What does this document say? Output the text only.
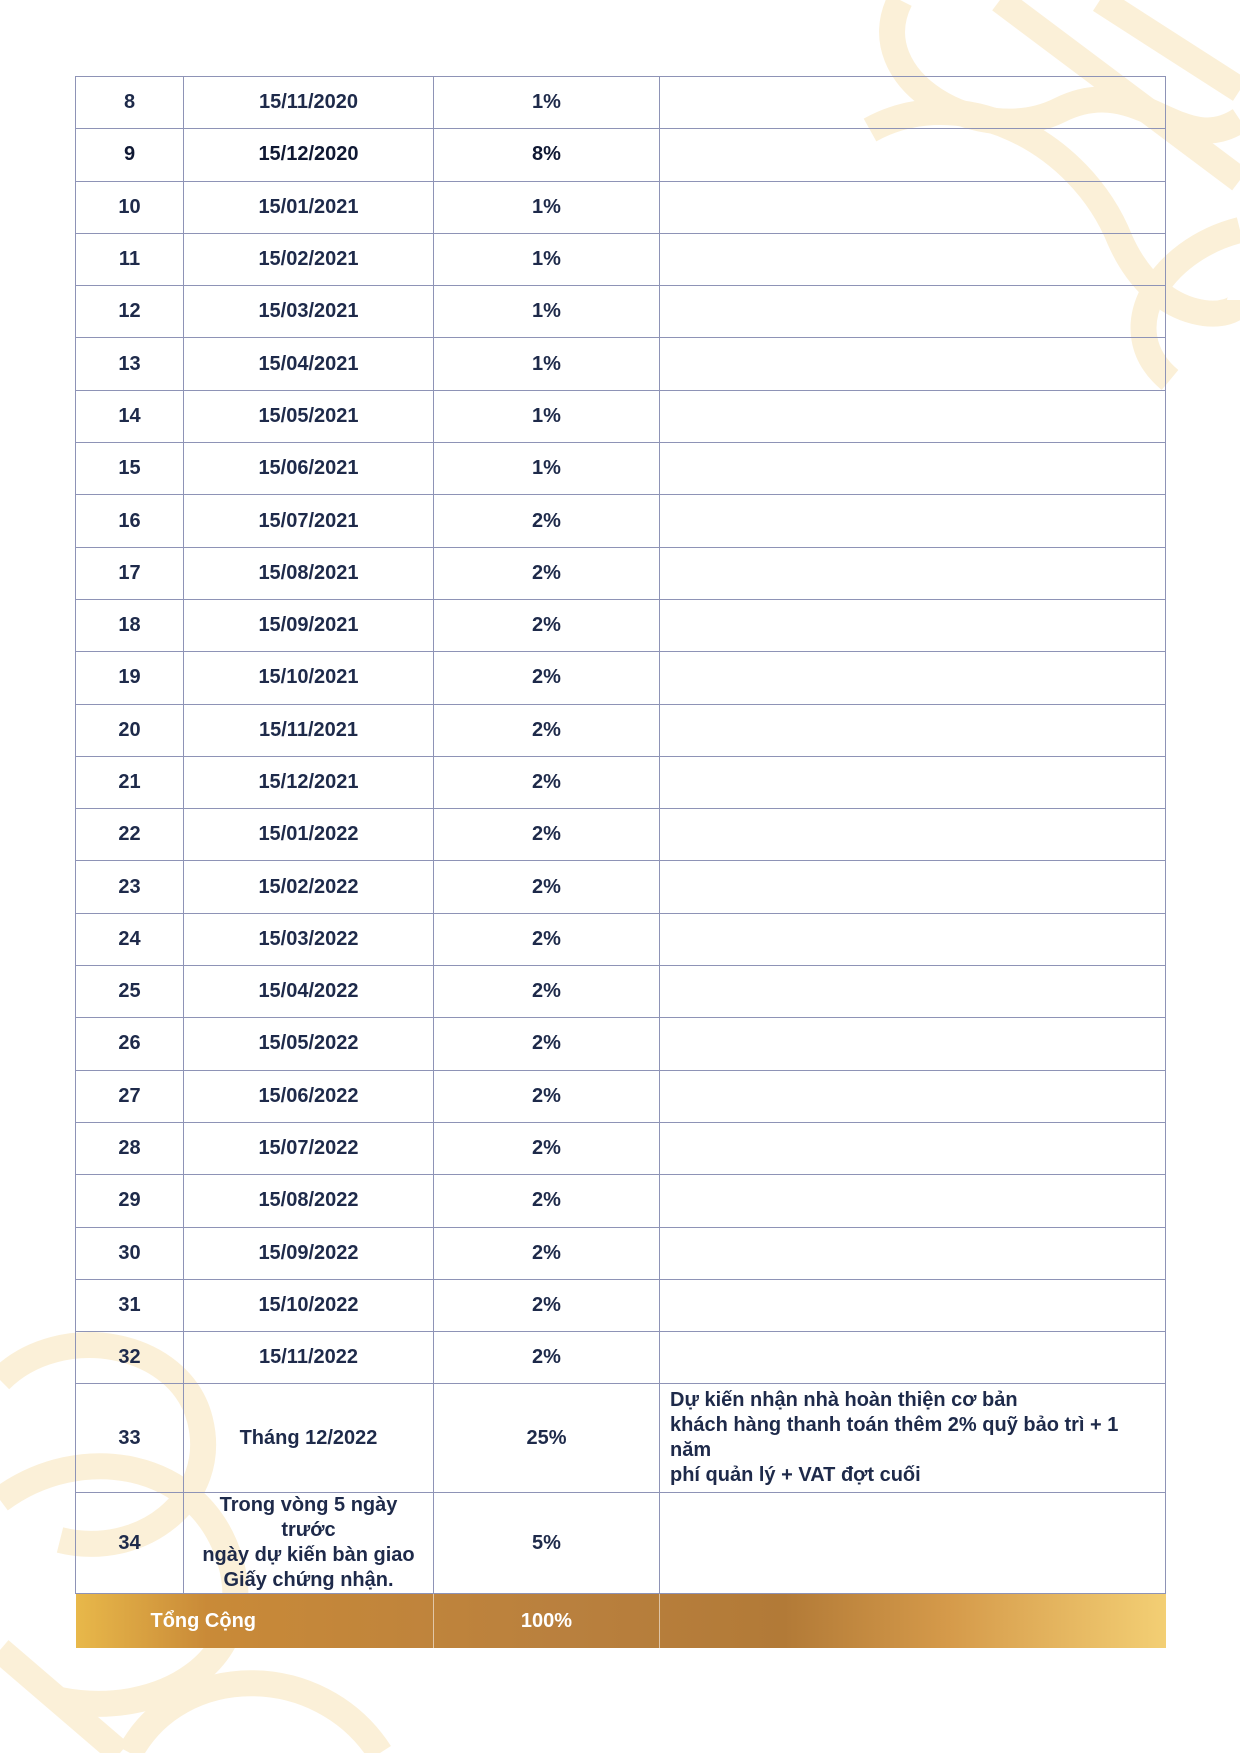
8	15/11/2020	1%	
9	15/12/2020	8%	
10	15/01/2021	1%	
11	15/02/2021	1%	
12	15/03/2021	1%	
13	15/04/2021	1%	
14	15/05/2021	1%	
15	15/06/2021	1%	
16	15/07/2021	2%	
17	15/08/2021	2%	
18	15/09/2021	2%	
19	15/10/2021	2%	
20	15/11/2021	2%	
21	15/12/2021	2%	
22	15/01/2022	2%	
23	15/02/2022	2%	
24	15/03/2022	2%	
25	15/04/2022	2%	
26	15/05/2022	2%	
27	15/06/2022	2%	
28	15/07/2022	2%	
29	15/08/2022	2%	
30	15/09/2022	2%	
31	15/10/2022	2%	
32	15/11/2022	2%	
33	Tháng 12/2022	25%	Dự kiến nhận nhà hoàn thiện cơ bản
khách hàng thanh toán thêm 2% quỹ bảo trì + 1 năm
phí quản lý + VAT đợt cuối

34	Trong vòng 5 ngày trước
ngày dự kiến bàn giao
Giấy chứng nhận.	5%	
Tổng Cộng		100%	
